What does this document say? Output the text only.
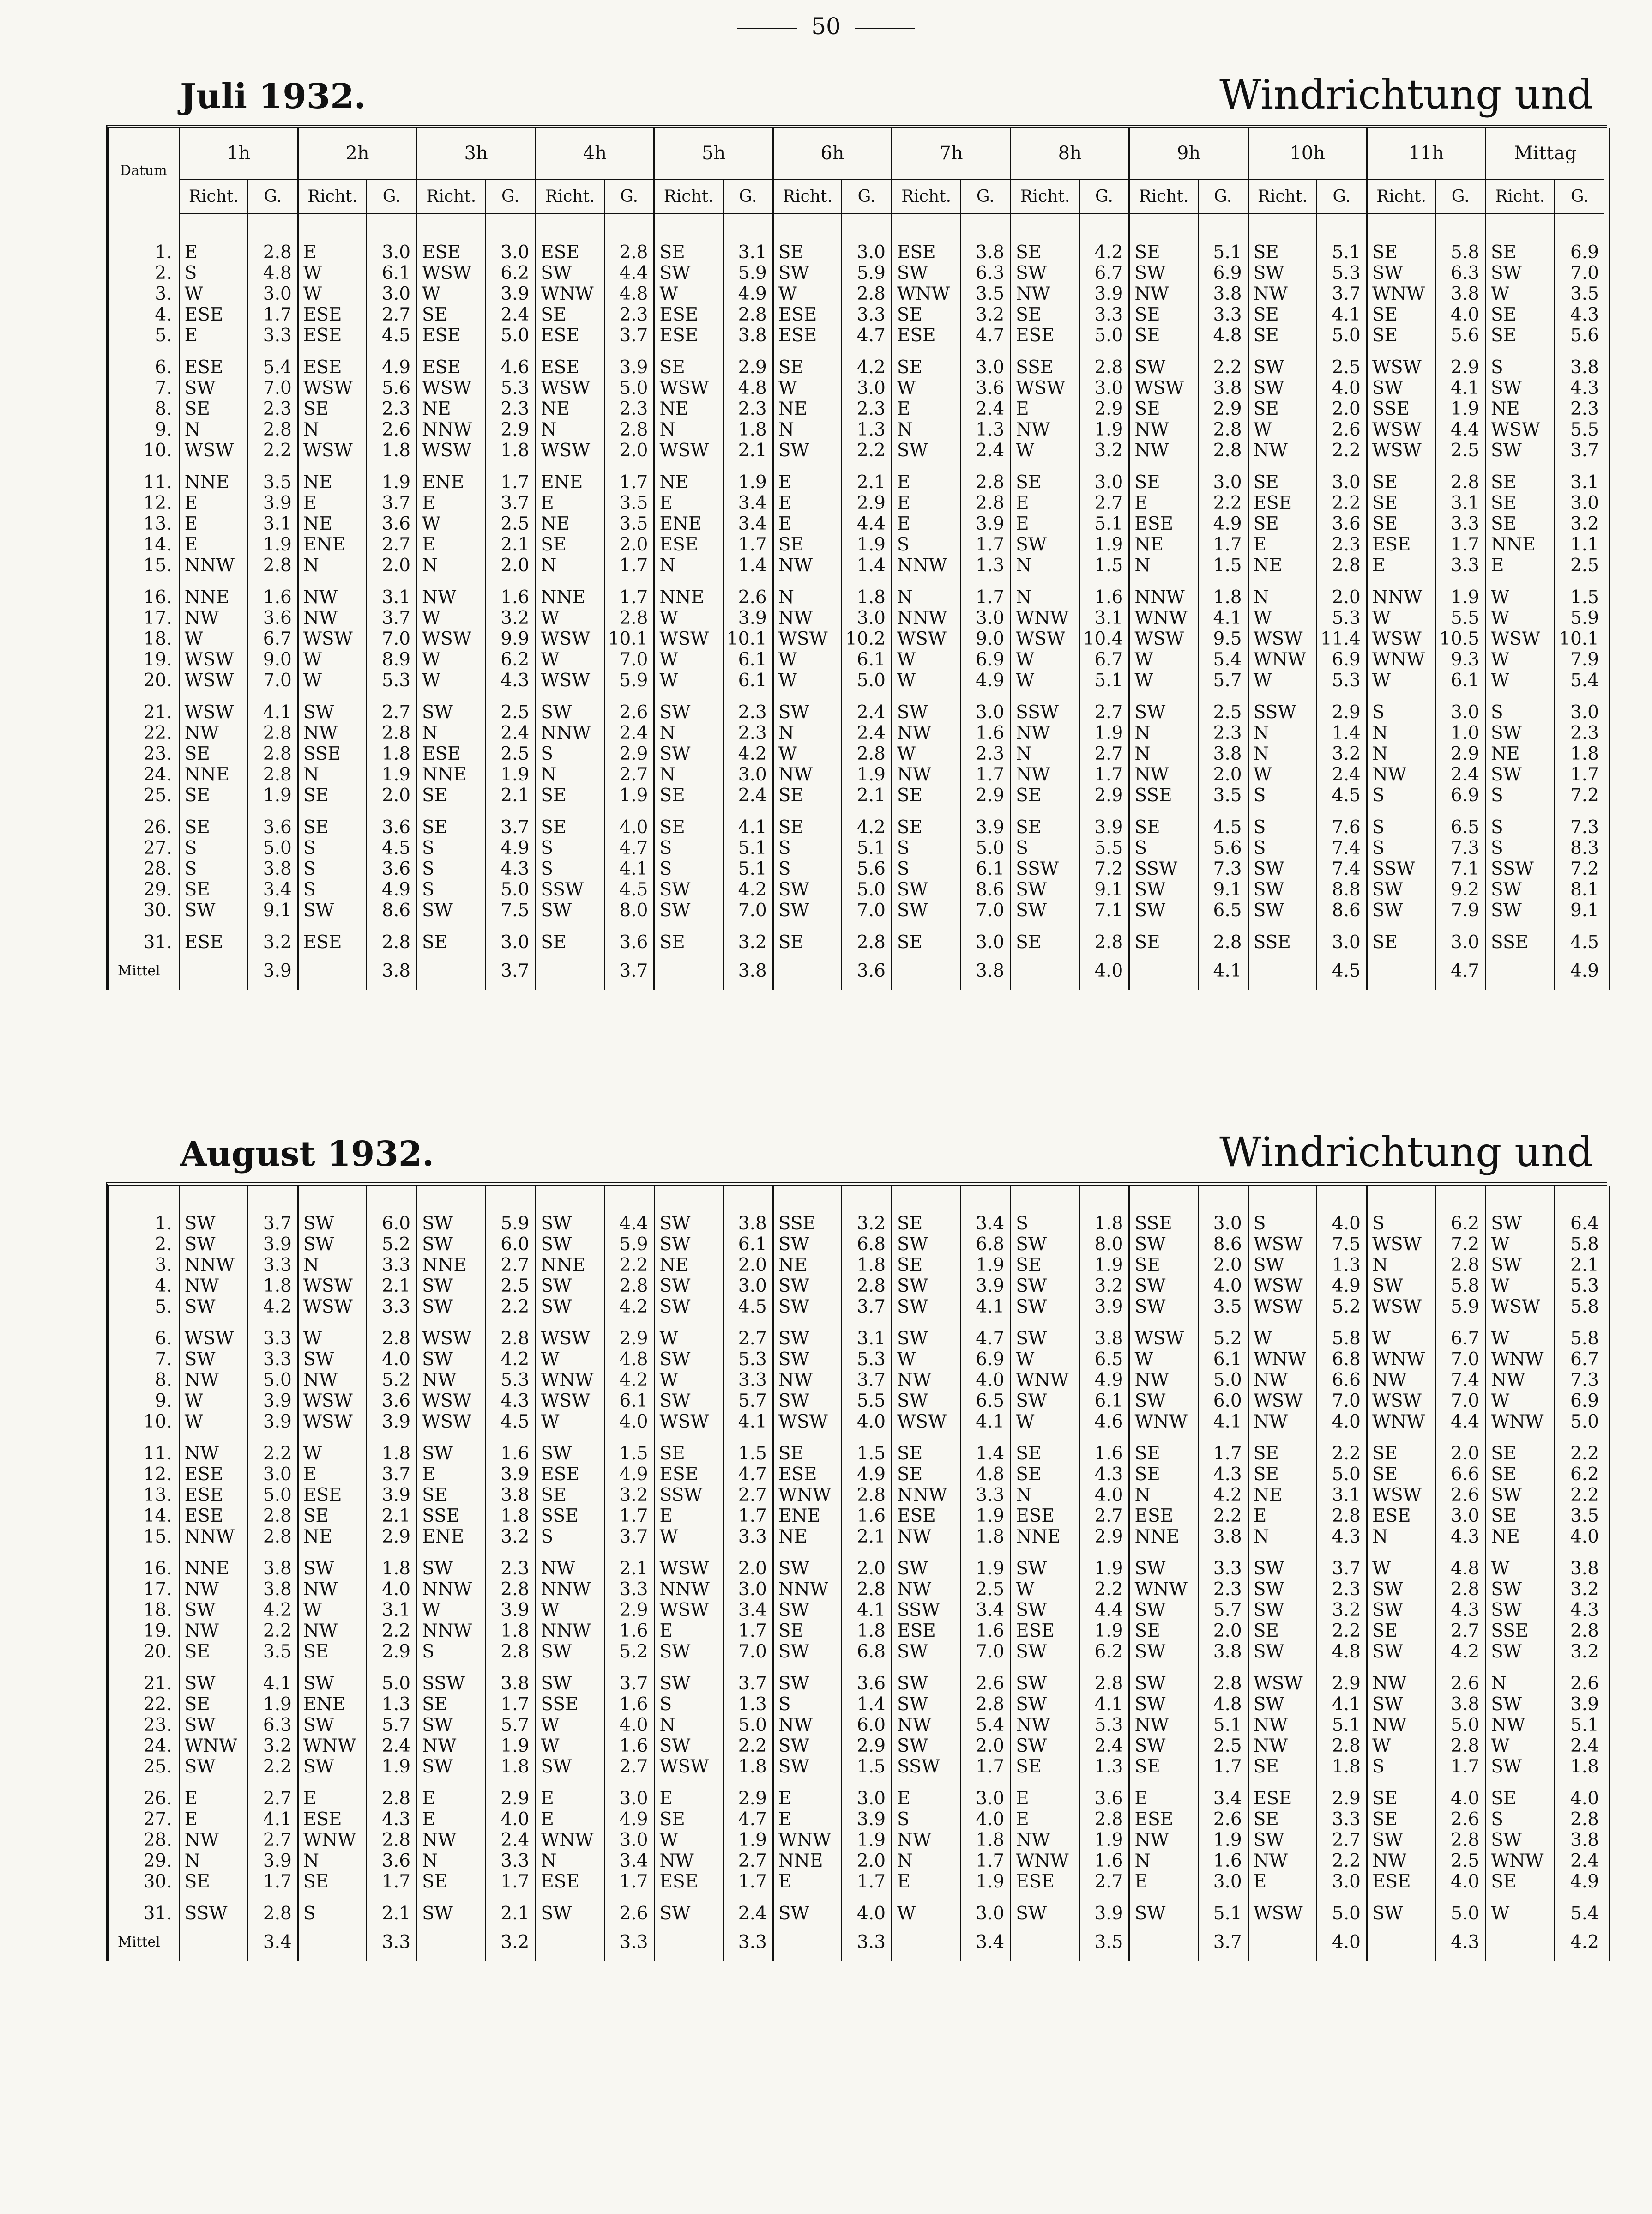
50
Juli 1932.	Windrichtung und
Datum	1h		2h		3h		4h		5h		6h		7h		8h		9h		10h		11h		Mittag	
	Richt.	G.	Richt.	G.	Richt.	G.	Richt.	G.	Richt.	G.	Richt.	G.	Richt.	G.	Richt.	G.	Richt.	G.	Richt.	G.	Richt.	G.	Richt.	G.

1.	E	2.8	E	3.0	ESE	3.0	ESE	2.8	SE	3.1	SE	3.0	ESE	3.8	SE	4.2	SE	5.1	SE	5.1	SE	5.8	SE	6.9
2.	S	4.8	W	6.1	WSW	6.2	SW	4.4	SW	5.9	SW	5.9	SW	6.3	SW	6.7	SW	6.9	SW	5.3	SW	6.3	SW	7.0
3.	W	3.0	W	3.0	W	3.9	WNW	4.8	W	4.9	W	2.8	WNW	3.5	NW	3.9	NW	3.8	NW	3.7	WNW	3.8	W	3.5
4.	ESE	1.7	ESE	2.7	SE	2.4	SE	2.3	ESE	2.8	ESE	3.3	SE	3.2	SE	3.3	SE	3.3	SE	4.1	SE	4.0	SE	4.3
5.	E	3.3	ESE	4.5	ESE	5.0	ESE	3.7	ESE	3.8	ESE	4.7	ESE	4.7	ESE	5.0	SE	4.8	SE	5.0	SE	5.6	SE	5.6

6.	ESE	5.4	ESE	4.9	ESE	4.6	ESE	3.9	SE	2.9	SE	4.2	SE	3.0	SSE	2.8	SW	2.2	SW	2.5	WSW	2.9	S	3.8
7.	SW	7.0	WSW	5.6	WSW	5.3	WSW	5.0	WSW	4.8	W	3.0	W	3.6	WSW	3.0	WSW	3.8	SW	4.0	SW	4.1	SW	4.3
8.	SE	2.3	SE	2.3	NE	2.3	NE	2.3	NE	2.3	NE	2.3	E	2.4	E	2.9	SE	2.9	SE	2.0	SSE	1.9	NE	2.3
9.	N	2.8	N	2.6	NNW	2.9	N	2.8	N	1.8	N	1.3	N	1.3	NW	1.9	NW	2.8	W	2.6	WSW	4.4	WSW	5.5
10.	WSW	2.2	WSW	1.8	WSW	1.8	WSW	2.0	WSW	2.1	SW	2.2	SW	2.4	W	3.2	NW	2.8	NW	2.2	WSW	2.5	SW	3.7

11.	NNE	3.5	NE	1.9	ENE	1.7	ENE	1.7	NE	1.9	E	2.1	E	2.8	SE	3.0	SE	3.0	SE	3.0	SE	2.8	SE	3.1
12.	E	3.9	E	3.7	E	3.7	E	3.5	E	3.4	E	2.9	E	2.8	E	2.7	E	2.2	ESE	2.2	SE	3.1	SE	3.0
13.	E	3.1	NE	3.6	W	2.5	NE	3.5	ENE	3.4	E	4.4	E	3.9	E	5.1	ESE	4.9	SE	3.6	SE	3.3	SE	3.2
14.	E	1.9	ENE	2.7	E	2.1	SE	2.0	ESE	1.7	SE	1.9	S	1.7	SW	1.9	NE	1.7	E	2.3	ESE	1.7	NNE	1.1
15.	NNW	2.8	N	2.0	N	2.0	N	1.7	N	1.4	NW	1.4	NNW	1.3	N	1.5	N	1.5	NE	2.8	E	3.3	E	2.5

16.	NNE	1.6	NW	3.1	NW	1.6	NNE	1.7	NNE	2.6	N	1.8	N	1.7	N	1.6	NNW	1.8	N	2.0	NNW	1.9	W	1.5
17.	NW	3.6	NW	3.7	W	3.2	W	2.8	W	3.9	NW	3.0	NNW	3.0	WNW	3.1	WNW	4.1	W	5.3	W	5.5	W	5.9
18.	W	6.7	WSW	7.0	WSW	9.9	WSW	10.1	WSW	10.1	WSW	10.2	WSW	9.0	WSW	10.4	WSW	9.5	WSW	11.4	WSW	10.5	WSW	10.1
19.	WSW	9.0	W	8.9	W	6.2	W	7.0	W	6.1	W	6.1	W	6.9	W	6.7	W	5.4	WNW	6.9	WNW	9.3	W	7.9
20.	WSW	7.0	W	5.3	W	4.3	WSW	5.9	W	6.1	W	5.0	W	4.9	W	5.1	W	5.7	W	5.3	W	6.1	W	5.4

21.	WSW	4.1	SW	2.7	SW	2.5	SW	2.6	SW	2.3	SW	2.4	SW	3.0	SSW	2.7	SW	2.5	SSW	2.9	S	3.0	S	3.0
22.	NW	2.8	NW	2.8	N	2.4	NNW	2.4	N	2.3	N	2.4	NW	1.6	NW	1.9	N	2.3	N	1.4	N	1.0	SW	2.3
23.	SE	2.8	SSE	1.8	ESE	2.5	S	2.9	SW	4.2	W	2.8	W	2.3	N	2.7	N	3.8	N	3.2	N	2.9	NE	1.8
24.	NNE	2.8	N	1.9	NNE	1.9	N	2.7	N	3.0	NW	1.9	NW	1.7	NW	1.7	NW	2.0	W	2.4	NW	2.4	SW	1.7
25.	SE	1.9	SE	2.0	SE	2.1	SE	1.9	SE	2.4	SE	2.1	SE	2.9	SE	2.9	SSE	3.5	S	4.5	S	6.9	S	7.2

26.	SE	3.6	SE	3.6	SE	3.7	SE	4.0	SE	4.1	SE	4.2	SE	3.9	SE	3.9	SE	4.5	S	7.6	S	6.5	S	7.3
27.	S	5.0	S	4.5	S	4.9	S	4.7	S	5.1	S	5.1	S	5.0	S	5.5	S	5.6	S	7.4	S	7.3	S	8.3
28.	S	3.8	S	3.6	S	4.3	S	4.1	S	5.1	S	5.6	S	6.1	SSW	7.2	SSW	7.3	SW	7.4	SSW	7.1	SSW	7.2
29.	SE	3.4	S	4.9	S	5.0	SSW	4.5	SW	4.2	SW	5.0	SW	8.6	SW	9.1	SW	9.1	SW	8.8	SW	9.2	SW	8.1
30.	SW	9.1	SW	8.6	SW	7.5	SW	8.0	SW	7.0	SW	7.0	SW	7.0	SW	7.1	SW	6.5	SW	8.6	SW	7.9	SW	9.1

31.	ESE	3.2	ESE	2.8	SE	3.0	SE	3.6	SE	3.2	SE	2.8	SE	3.0	SE	2.8	SE	2.8	SSE	3.0	SE	3.0	SSE	4.5
Mittel		3.9		3.8		3.7		3.7		3.8		3.6		3.8		4.0		4.1		4.5		4.7		4.9
August 1932.	Windrichtung und

1.	SW	3.7	SW	6.0	SW	5.9	SW	4.4	SW	3.8	SSE	3.2	SE	3.4	S	1.8	SSE	3.0	S	4.0	S	6.2	SW	6.4
2.	SW	3.9	SW	5.2	SW	6.0	SW	5.9	SW	6.1	SW	6.8	SW	6.8	SW	8.0	SW	8.6	WSW	7.5	WSW	7.2	W	5.8
3.	NNW	3.3	N	3.3	NNE	2.7	NNE	2.2	NE	2.0	NE	1.8	SE	1.9	SE	1.9	SE	2.0	SW	1.3	N	2.8	SW	2.1
4.	NW	1.8	WSW	2.1	SW	2.5	SW	2.8	SW	3.0	SW	2.8	SW	3.9	SW	3.2	SW	4.0	WSW	4.9	SW	5.8	W	5.3
5.	SW	4.2	WSW	3.3	SW	2.2	SW	4.2	SW	4.5	SW	3.7	SW	4.1	SW	3.9	SW	3.5	WSW	5.2	WSW	5.9	WSW	5.8

6.	WSW	3.3	W	2.8	WSW	2.8	WSW	2.9	W	2.7	SW	3.1	SW	4.7	SW	3.8	WSW	5.2	W	5.8	W	6.7	W	5.8
7.	SW	3.3	SW	4.0	SW	4.2	W	4.8	SW	5.3	SW	5.3	W	6.9	W	6.5	W	6.1	WNW	6.8	WNW	7.0	WNW	6.7
8.	NW	5.0	NW	5.2	NW	5.3	WNW	4.2	W	3.3	NW	3.7	NW	4.0	WNW	4.9	NW	5.0	NW	6.6	NW	7.4	NW	7.3
9.	W	3.9	WSW	3.6	WSW	4.3	WSW	6.1	SW	5.7	SW	5.5	SW	6.5	SW	6.1	SW	6.0	WSW	7.0	WSW	7.0	W	6.9
10.	W	3.9	WSW	3.9	WSW	4.5	W	4.0	WSW	4.1	WSW	4.0	WSW	4.1	W	4.6	WNW	4.1	NW	4.0	WNW	4.4	WNW	5.0

11.	NW	2.2	W	1.8	SW	1.6	SW	1.5	SE	1.5	SE	1.5	SE	1.4	SE	1.6	SE	1.7	SE	2.2	SE	2.0	SE	2.2
12.	ESE	3.0	E	3.7	E	3.9	ESE	4.9	ESE	4.7	ESE	4.9	SE	4.8	SE	4.3	SE	4.3	SE	5.0	SE	6.6	SE	6.2
13.	ESE	5.0	ESE	3.9	SE	3.8	SE	3.2	SSW	2.7	WNW	2.8	NNW	3.3	N	4.0	N	4.2	NE	3.1	WSW	2.6	SW	2.2
14.	ESE	2.8	SE	2.1	SSE	1.8	SSE	1.7	E	1.7	ENE	1.6	ESE	1.9	ESE	2.7	ESE	2.2	E	2.8	ESE	3.0	SE	3.5
15.	NNW	2.8	NE	2.9	ENE	3.2	S	3.7	W	3.3	NE	2.1	NW	1.8	NNE	2.9	NNE	3.8	N	4.3	N	4.3	NE	4.0

16.	NNE	3.8	SW	1.8	SW	2.3	NW	2.1	WSW	2.0	SW	2.0	SW	1.9	SW	1.9	SW	3.3	SW	3.7	W	4.8	W	3.8
17.	NW	3.8	NW	4.0	NNW	2.8	NNW	3.3	NNW	3.0	NNW	2.8	NW	2.5	W	2.2	WNW	2.3	SW	2.3	SW	2.8	SW	3.2
18.	SW	4.2	W	3.1	W	3.9	W	2.9	WSW	3.4	SW	4.1	SSW	3.4	SW	4.4	SW	5.7	SW	3.2	SW	4.3	SW	4.3
19.	NW	2.2	NW	2.2	NNW	1.8	NNW	1.6	E	1.7	SE	1.8	ESE	1.6	ESE	1.9	SE	2.0	SE	2.2	SE	2.7	SSE	2.8
20.	SE	3.5	SE	2.9	S	2.8	SW	5.2	SW	7.0	SW	6.8	SW	7.0	SW	6.2	SW	3.8	SW	4.8	SW	4.2	SW	3.2

21.	SW	4.1	SW	5.0	SSW	3.8	SW	3.7	SW	3.7	SW	3.6	SW	2.6	SW	2.8	SW	2.8	WSW	2.9	NW	2.6	N	2.6
22.	SE	1.9	ENE	1.3	SE	1.7	SSE	1.6	S	1.3	S	1.4	SW	2.8	SW	4.1	SW	4.8	SW	4.1	SW	3.8	SW	3.9
23.	SW	6.3	SW	5.7	SW	5.7	W	4.0	N	5.0	NW	6.0	NW	5.4	NW	5.3	NW	5.1	NW	5.1	NW	5.0	NW	5.1
24.	WNW	3.2	WNW	2.4	NW	1.9	W	1.6	SW	2.2	SW	2.9	SW	2.0	SW	2.4	SW	2.5	NW	2.8	W	2.8	W	2.4
25.	SW	2.2	SW	1.9	SW	1.8	SW	2.7	WSW	1.8	SW	1.5	SSW	1.7	SE	1.3	SE	1.7	SE	1.8	S	1.7	SW	1.8

26.	E	2.7	E	2.8	E	2.9	E	3.0	E	2.9	E	3.0	E	3.0	E	3.6	E	3.4	ESE	2.9	SE	4.0	SE	4.0
27.	E	4.1	ESE	4.3	E	4.0	E	4.9	SE	4.7	E	3.9	S	4.0	E	2.8	ESE	2.6	SE	3.3	SE	2.6	S	2.8
28.	NW	2.7	WNW	2.8	NW	2.4	WNW	3.0	W	1.9	WNW	1.9	NW	1.8	NW	1.9	NW	1.9	SW	2.7	SW	2.8	SW	3.8
29.	N	3.9	N	3.6	N	3.3	N	3.4	NW	2.7	NNE	2.0	N	1.7	WNW	1.6	N	1.6	NW	2.2	NW	2.5	WNW	2.4
30.	SE	1.7	SE	1.7	SE	1.7	ESE	1.7	ESE	1.7	E	1.7	E	1.9	ESE	2.7	E	3.0	E	3.0	ESE	4.0	SE	4.9

31.	SSW	2.8	S	2.1	SW	2.1	SW	2.6	SW	2.4	SW	4.0	W	3.0	SW	3.9	SW	5.1	WSW	5.0	SW	5.0	W	5.4
Mittel		3.4		3.3		3.2		3.3		3.3		3.3		3.4		3.5		3.7		4.0		4.3		4.2
